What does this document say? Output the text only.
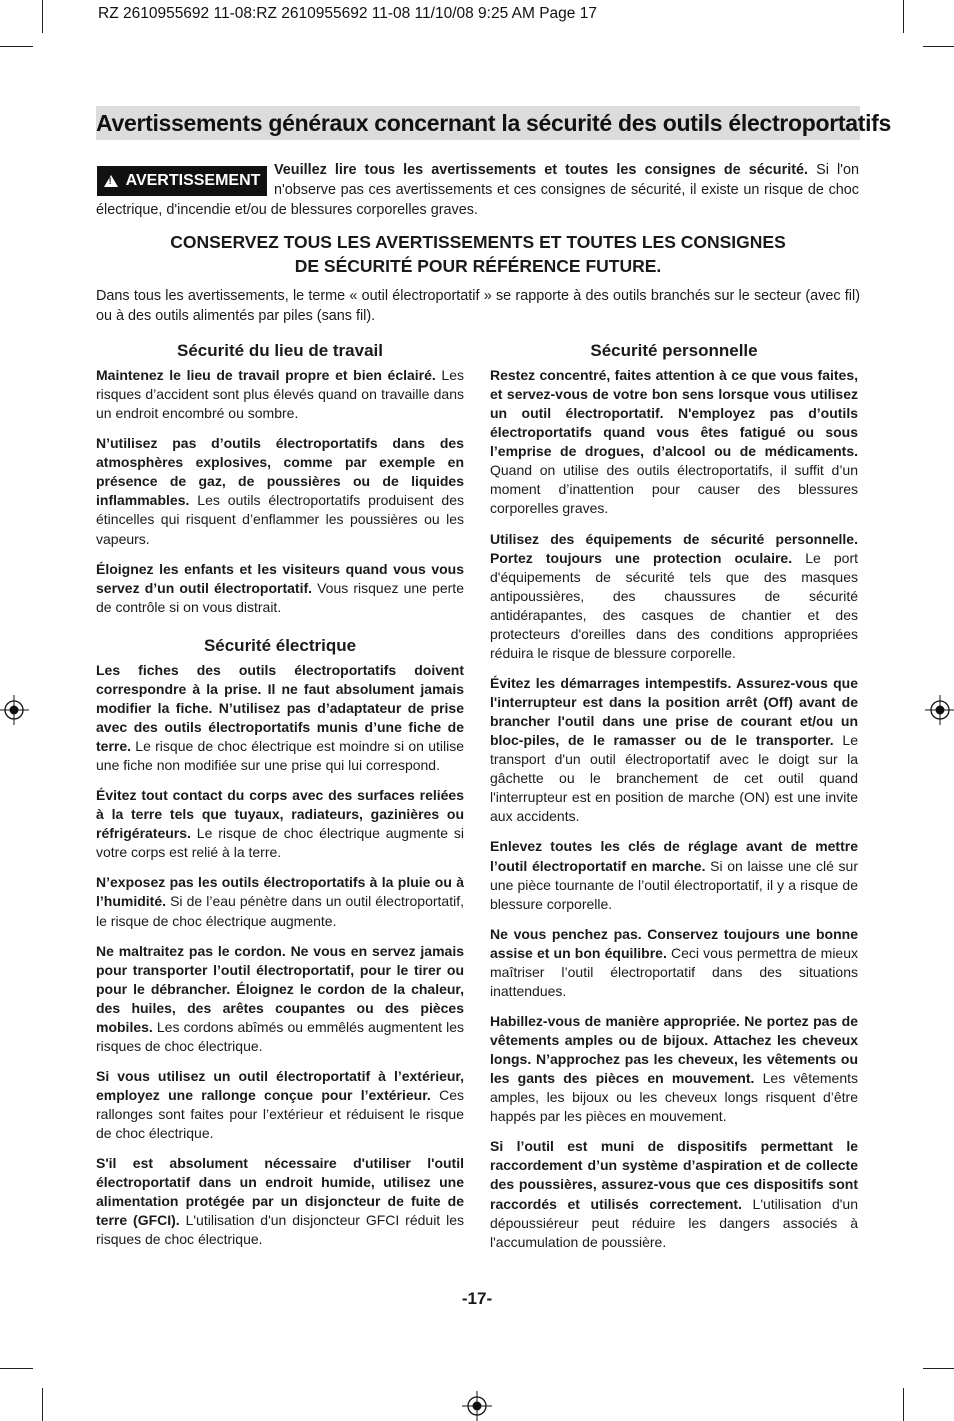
RZ 2610955692 11-08:RZ 2610955692 11-08 11/10/08 9:25 AM Page 17
Avertissements généraux concernant la sécurité des outils électroportatifs
Veuillez lire tous les avertissements et toutes les consignes de sécurité. Si l'on n'observe pas ces avertissements et ces consignes de sécurité, il existe un risque de choc électrique, d'incendie et/ou de blessures corporelles graves.
!
AVERTISSEMENT
CONSERVEZ TOUS LES AVERTISSEMENTS ET TOUTES LES CONSIGNES
DE SÉCURITÉ POUR RÉFÉRENCE FUTURE.
Dans tous les avertissements, le terme « outil électroportatif » se rapporte à des outils branchés sur le secteur (avec fil) ou à des outils alimentés par piles (sans fil).
Sécurité du lieu de travail

Maintenez le lieu de travail propre et bien éclairé. Les risques d’accident sont plus élevés quand on travaille dans un endroit encombré ou sombre.

N’utilisez pas d’outils électroportatifs dans des atmosphères explosives, comme par exemple en présence de gaz, de poussières ou de liquides inflammables. Les outils électroportatifs produisent des étincelles qui risquent d’enflammer les poussières ou les vapeurs.

Éloignez les enfants et les visiteurs quand vous vous servez d’un outil électroportatif. Vous risquez une perte de contrôle si on vous distrait.

Sécurité électrique

Les fiches des outils électroportatifs doivent correspondre à la prise. Il ne faut absolument jamais modifier la fiche. N’utilisez pas d’adaptateur de prise avec des outils électroportatifs munis d’une fiche de terre. Le risque de choc électrique est moindre si on utilise une fiche non modifiée sur une prise qui lui correspond.

Évitez tout contact du corps avec des surfaces reliées à la terre tels que tuyaux, radiateurs, gazinières ou réfrigérateurs. Le risque de choc électrique augmente si votre corps est relié à la terre.

N’exposez pas les outils électroportatifs à la pluie ou à l’humidité. Si de l’eau pénètre dans un outil électroportatif, le risque de choc électrique augmente.

Ne maltraitez pas le cordon. Ne vous en servez jamais pour transporter l’outil électroportatif, pour le tirer ou pour le débrancher. Éloignez le cordon de la chaleur, des huiles, des arêtes coupantes ou des pièces mobiles. Les cordons abîmés ou emmêlés augmentent les risques de choc électrique.

Si vous utilisez un outil électroportatif à l’extérieur, employez une rallonge conçue pour l’extérieur. Ces rallonges sont faites pour l’extérieur et réduisent le risque de choc électrique.

S'il est absolument nécessaire d'utiliser l'outil électroportatif dans un endroit humide, utilisez une alimentation protégée par un disjoncteur de fuite de terre (GFCI). L'utilisation d'un disjoncteur GFCI réduit les risques de choc électrique.

Sécurité personnelle

Restez concentré, faites attention à ce que vous faites, et servez-vous de votre bon sens lorsque vous utilisez un outil électroportatif. N'employez pas d’outils électroportatifs quand vous êtes fatigué ou sous l’emprise de drogues, d’alcool ou de médicaments. Quand on utilise des outils électroportatifs, il suffit d’un moment d’inattention pour causer des blessures corporelles graves.

Utilisez des équipements de sécurité personnelle. Portez toujours une protection oculaire. Le port d'équipements de sécurité tels que des masques antipoussières, des chaussures de sécurité antidérapantes, des casques de chantier et des protecteurs d'oreilles dans des conditions appropriées réduira le risque de blessure corporelle.

Évitez les démarrages intempestifs. Assurez-vous que l'interrupteur est dans la position arrêt (Off) avant de brancher l'outil dans une prise de courant et/ou un bloc-piles, de le ramasser ou de le transporter. Le transport d'un outil électroportatif avec le doigt sur la gâchette ou le branchement de cet outil quand l'interrupteur est en position de marche (ON) est une invite aux accidents.

Enlevez toutes les clés de réglage avant de mettre l’outil électroportatif en marche. Si on laisse une clé sur une pièce tournante de l’outil électroportatif, il y a risque de blessure corporelle.

Ne vous penchez pas. Conservez toujours une bonne assise et un bon équilibre. Ceci vous permettra de mieux maîtriser l’outil électroportatif dans des situations inattendues.

Habillez-vous de manière appropriée. Ne portez pas de vêtements amples ou de bijoux. Attachez les cheveux longs. N’approchez pas les cheveux, les vêtements ou les gants des pièces en mouvement. Les vêtements amples, les bijoux ou les cheveux longs risquent d’être happés par les pièces en mouvement.

Si l’outil est muni de dispositifs permettant le raccordement d’un système d’aspiration et de collecte des poussières, assurez-vous que ces dispositifs sont raccordés et utilisés correctement. L'utilisation d'un dépoussiéreur peut réduire les dangers associés à l'accumulation de poussière.

-17-
